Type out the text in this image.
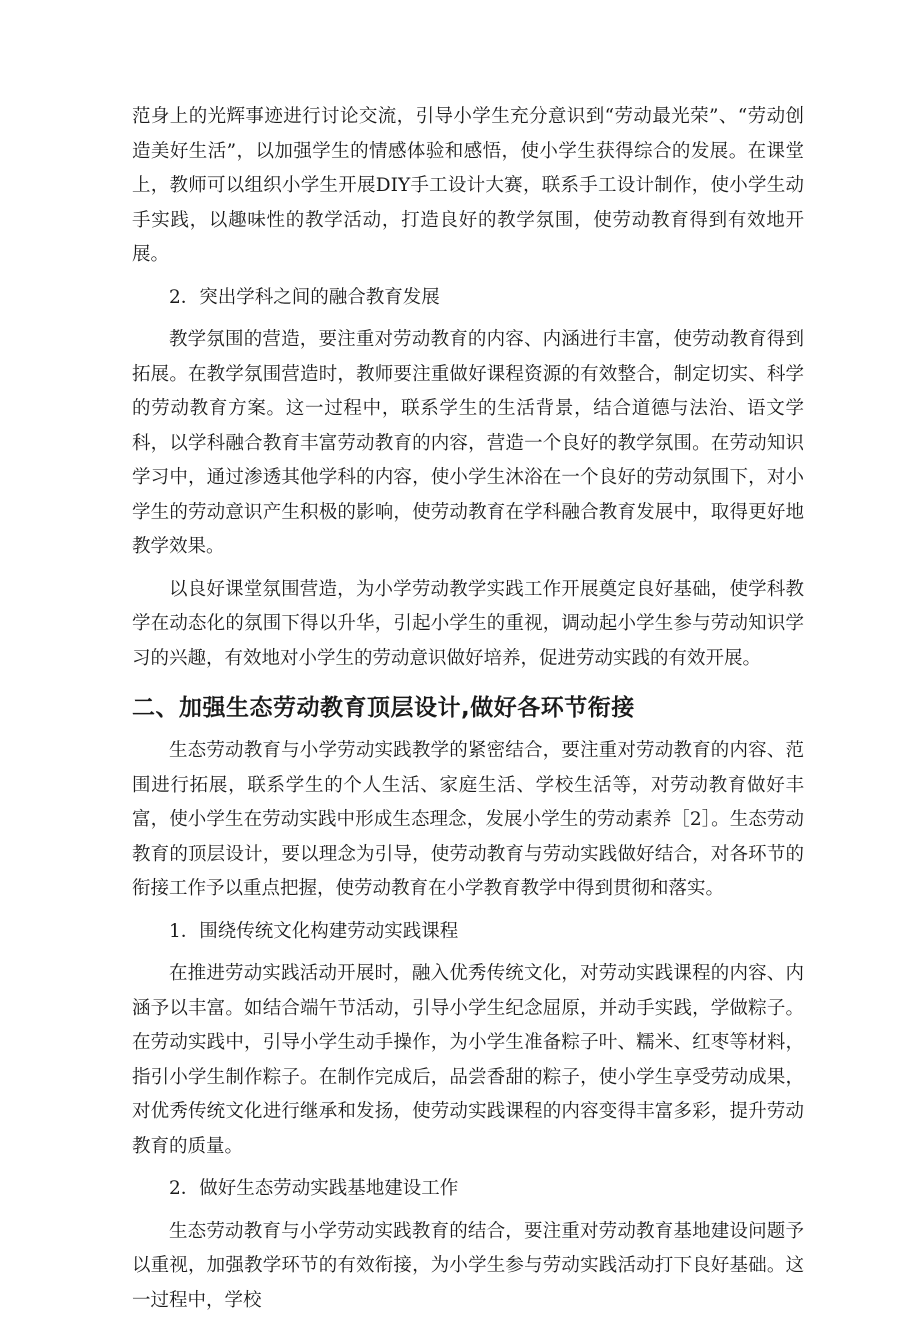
范身上的光辉事迹进行讨论交流，引导小学生充分意识到“劳动最光荣”、“劳动创造美好生活”，以加强学生的情感体验和感悟，使小学生获得综合的发展。在课堂上，教师可以组织小学生开展DIY手工设计大赛，联系手工设计制作，使小学生动手实践，以趣味性的教学活动，打造良好的教学氛围，使劳动教育得到有效地开展。

2．突出学科之间的融合教育发展

教学氛围的营造，要注重对劳动教育的内容、内涵进行丰富，使劳动教育得到拓展。在教学氛围营造时，教师要注重做好课程资源的有效整合，制定切实、科学的劳动教育方案。这一过程中，联系学生的生活背景，结合道德与法治、语文学科，以学科融合教育丰富劳动教育的内容，营造一个良好的教学氛围。在劳动知识学习中，通过渗透其他学科的内容，使小学生沐浴在一个良好的劳动氛围下，对小学生的劳动意识产生积极的影响，使劳动教育在学科融合教育发展中，取得更好地教学效果。

以良好课堂氛围营造，为小学劳动教学实践工作开展奠定良好基础，使学科教学在动态化的氛围下得以升华，引起小学生的重视，调动起小学生参与劳动知识学习的兴趣，有效地对小学生的劳动意识做好培养，促进劳动实践的有效开展。

二、加强生态劳动教育顶层设计,做好各环节衔接

生态劳动教育与小学劳动实践教学的紧密结合，要注重对劳动教育的内容、范围进行拓展，联系学生的个人生活、家庭生活、学校生活等，对劳动教育做好丰富，使小学生在劳动实践中形成生态理念，发展小学生的劳动素养［2］。生态劳动教育的顶层设计，要以理念为引导，使劳动教育与劳动实践做好结合，对各环节的衔接工作予以重点把握，使劳动教育在小学教育教学中得到贯彻和落实。

1．围绕传统文化构建劳动实践课程

在推进劳动实践活动开展时，融入优秀传统文化，对劳动实践课程的内容、内涵予以丰富。如结合端午节活动，引导小学生纪念屈原，并动手实践，学做粽子。在劳动实践中，引导小学生动手操作，为小学生准备粽子叶、糯米、红枣等材料，指引小学生制作粽子。在制作完成后，品尝香甜的粽子，使小学生享受劳动成果，对优秀传统文化进行继承和发扬，使劳动实践课程的内容变得丰富多彩，提升劳动教育的质量。

2．做好生态劳动实践基地建设工作

生态劳动教育与小学劳动实践教育的结合，要注重对劳动教育基地建设问题予以重视，加强教学环节的有效衔接，为小学生参与劳动实践活动打下良好基础。这一过程中，学校
